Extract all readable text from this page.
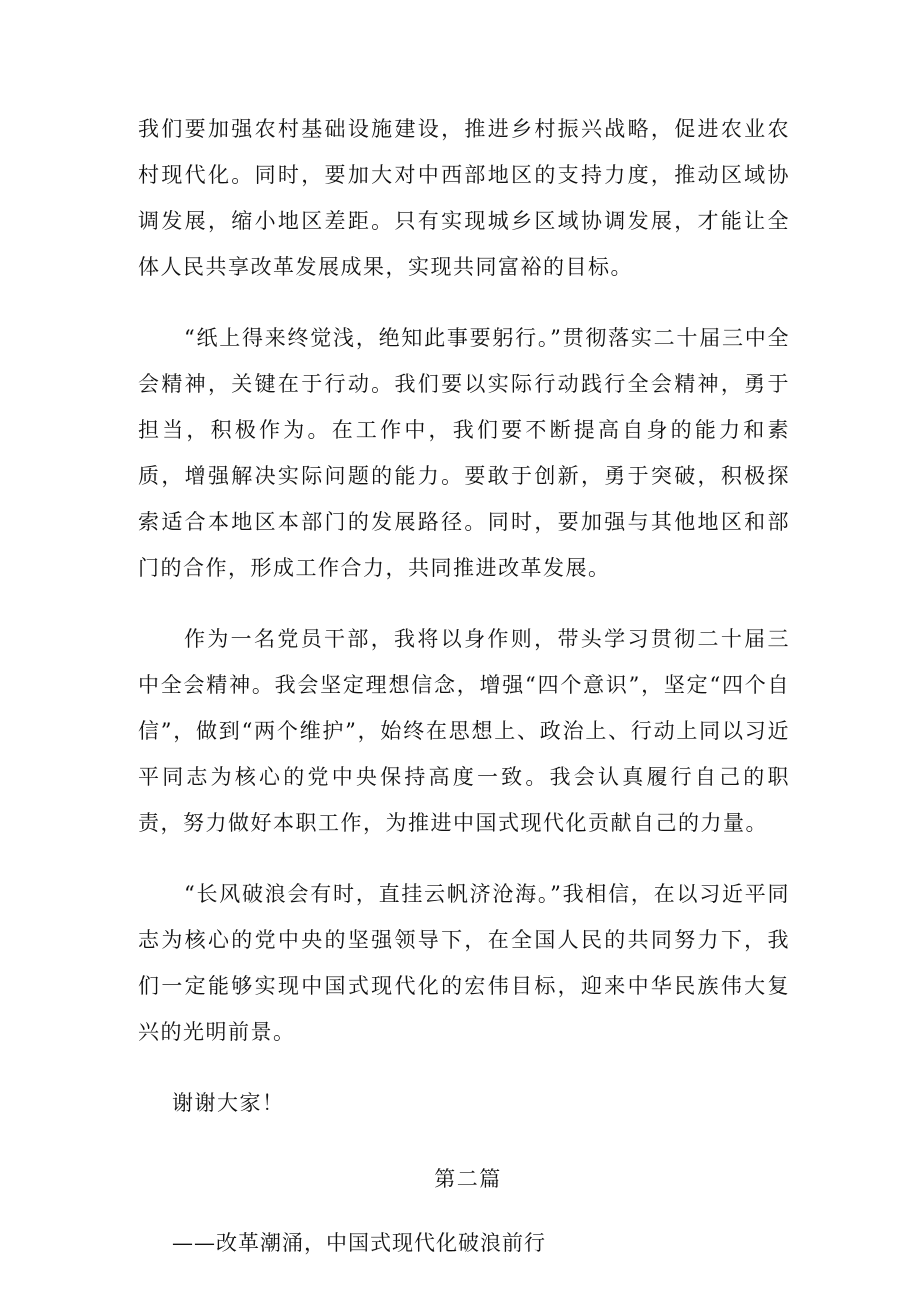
我们要加强农村基础设施建设，推进乡村振兴战略，促进农业农村现代化。同时，要加大对中西部地区的支持力度，推动区域协调发展，缩小地区差距。只有实现城乡区域协调发展，才能让全体人民共享改革发展成果，实现共同富裕的目标。

“纸上得来终觉浅，绝知此事要躬行。”贯彻落实二十届三中全会精神，关键在于行动。我们要以实际行动践行全会精神，勇于担当，积极作为。在工作中，我们要不断提高自身的能力和素质，增强解决实际问题的能力。要敢于创新，勇于突破，积极探索适合本地区本部门的发展路径。同时，要加强与其他地区和部门的合作，形成工作合力，共同推进改革发展。

作为一名党员干部，我将以身作则，带头学习贯彻二十届三中全会精神。我会坚定理想信念，增强“四个意识”，坚定“四个自信”，做到“两个维护”，始终在思想上、政治上、行动上同以习近平同志为核心的党中央保持高度一致。我会认真履行自己的职责，努力做好本职工作，为推进中国式现代化贡献自己的力量。

“长风破浪会有时，直挂云帆济沧海。”我相信，在以习近平同志为核心的党中央的坚强领导下，在全国人民的共同努力下，我们一定能够实现中国式现代化的宏伟目标，迎来中华民族伟大复兴的光明前景。

谢谢大家！

第二篇

——改革潮涌，中国式现代化破浪前行
